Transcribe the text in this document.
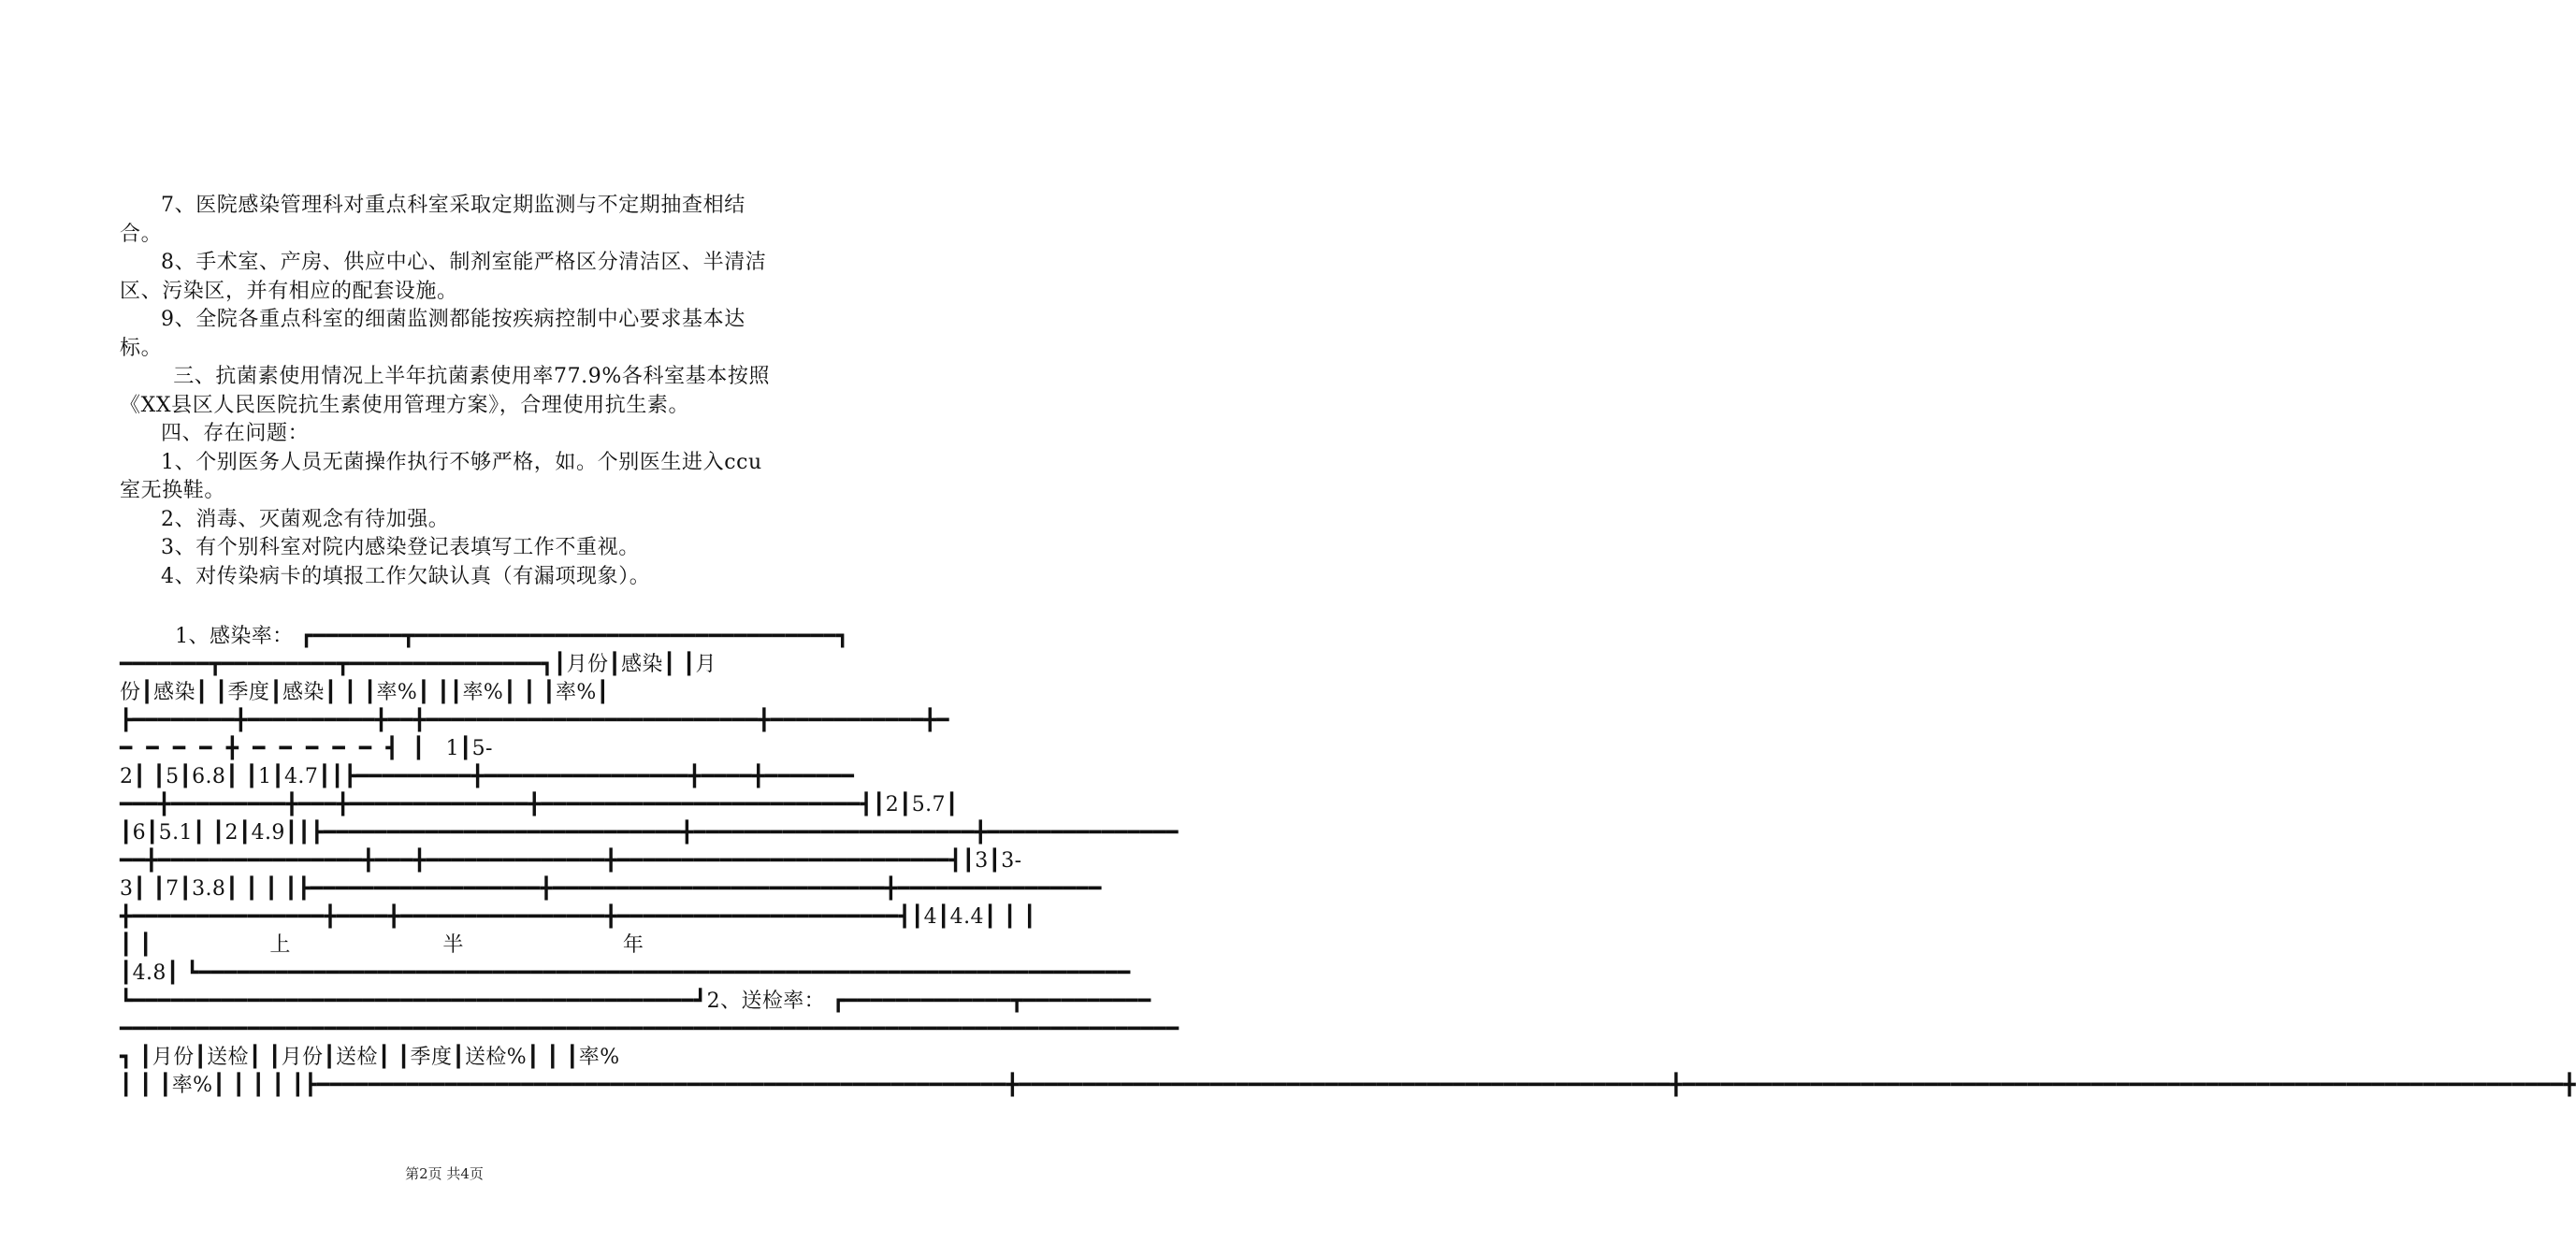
7、医院感染管理科对重点科室采取定期监测与不定期抽查相结合。

8、手术室、产房、供应中心、制剂室能严格区分清洁区、半清洁区、污染区，并有相应的配套设施。

9、全院各重点科室的细菌监测都能按疾病控制中心要求基本达标。

三、抗菌素使用情况上半年抗菌素使用率77.9%各科室基本按照《XX县区人民医院抗生素使用管理方案》，合理使用抗生素。

四、存在问题：

1、个别医务人员无菌操作执行不够严格，如。个别医生进入ccu室无换鞋。

2、消毒、灭菌观念有待加强。

3、有个别科室对院内感染登记表填写工作不重视。

4、对传染病卡的填报工作欠缺认真（有漏项现象）。

1、感染率： ┏━━━━━━━┳━━━━━━━━━━━━━━━━━━━━━━━━━━━━━━━━━┓
━━━━━━━┳━━━━━━━━━┳━━━━━━━━━━━━━━━┓┃月份┃感染┃ ┃月
份┃感染┃ ┃季度┃感染┃ ┃ ┃率%┃ ┃┃率%┃ ┃ ┃率%┃
┣━━━━━━━━╋━━━━━━━━━━╋━━╋━━━━━━━━━━━━━━━━━━━━━━━━━━╋━━━━━━━━━━━━╋━
━  ━  ━  ━  ╋  ━  ━  ━  ━  ━  ┫  ┃   1┃5-
2┃ ┃5┃6.8┃ ┃1┃4.7┃┃┣━━━━━━━━━╋━━━━━━━━━━━━━━━━╋━━━━╋━━━━━━━
━━━╋━━━━━━━━━╋━━━╋━━━━━━━━━━━━━━╋━━━━━━━━━━━━━━━━━━━━━━━━━┫┃2┃5.7┃
┃6┃5.1┃ ┃2┃4.9┃┃┣━━━━━━━━━━━━━━━━━━━━━━━━━━━━╋━━━━━━━━━━━━━━━━━━━━━━╋━━━━━━━━━━━━━━━
━━╋━━━━━━━━━━━━━━━━╋━━━╋━━━━━━━━━━━━━━╋━━━━━━━━━━━━━━━━━━━━━━━━━━┫┃3┃3-
3┃ ┃7┃3.8┃ ┃ ┃ ┃┣━━━━━━━━━━━━━━━━━━╋━━━━━━━━━━━━━━━━━━━━━━━━━━╋━━━━━━━━━━━━━━━━
╋━━━━━━━━━━━━━━━╋━━━━╋━━━━━━━━━━━━━━━━╋━━━━━━━━━━━━━━━━━━━━━━┫┃4┃4.4┃ ┃ ┃
┃ ┃                 上                      半                       年
┃4.8┃ ┗━━━━━━━━━━━━━━━━━━━━━━━━━━━━━━━━━━━━━━━━━━━━━━━━━━━━━━━━━━━━━━━━━━━━━━━━━
┗━━━━━━━━━━━━━━━━━━━━━━━━━━━━━━━━━━━━━━━━━━━━┛2、送检率： ┏━━━━━━━━━━━━━┳━━━━━━━━━━
━━━━━━━━━━━━━━━━━━━━━━━━━━━━━━━━━━━━━━━━━━━━━━━━━━━━━━━━━━━━━━━━━━━━━━━━━━━━━━━━━━━
┓ ┃月份┃送检┃ ┃月份┃送检┃ ┃季度┃送检%┃ ┃ ┃率%
┃ ┃ ┃率%┃ ┃ ┃ ┃ ┃┣━━━━━━━━━━━━━━━━━━━━━━━━━━━━━━━━━━━━━━━━━━━━━━━━━━━━━━╋━━━━━━━━━━━━━━━━━━━━━━━━━━━━━━━━━━━━━━━━━━━━━━━━━━━╋━━━━━━━━━━━━━━━━━━━━━━━━━━━━━━━━━━━━━━━━━━━━━━━━━━━━━━━━━━━━━━━━━━━━━╋
第2页 共4页
